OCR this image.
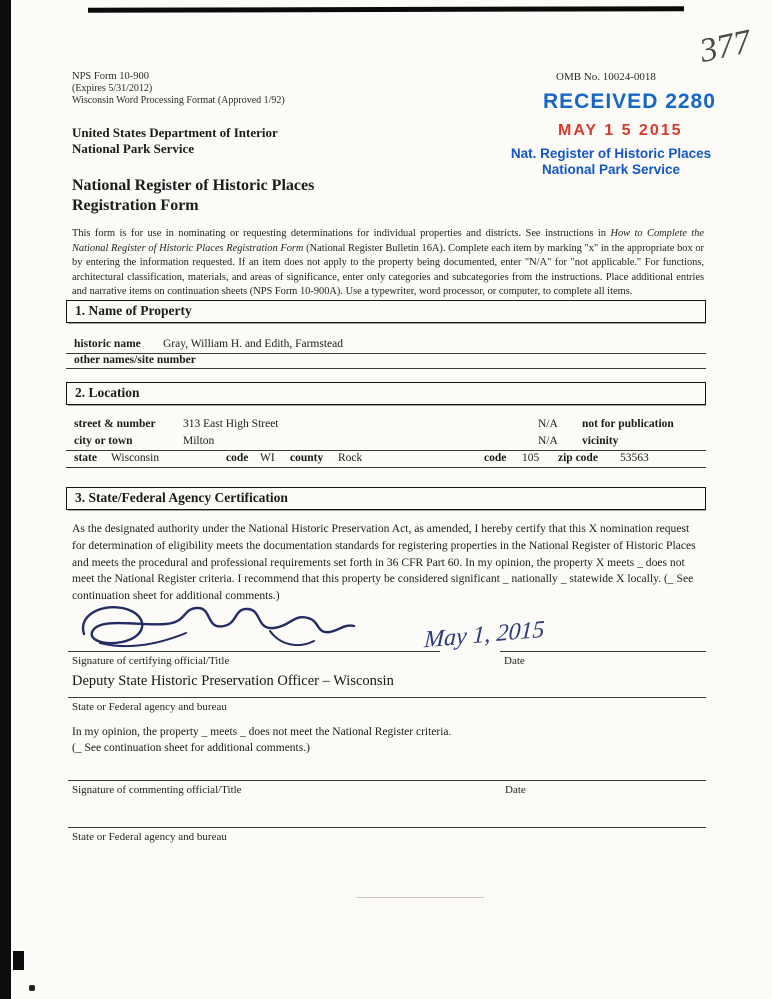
NPS Form 10-900
(Expires 5/31/2012)
Wisconsin Word Processing Format (Approved 1/92)
OMB No. 10024-0018
RECEIVED 2280
MAY 1 5 2015
Nat. Register of Historic Places
National Park Service
377
United States Department of Interior
National Park Service
National Register of Historic Places
Registration Form

This form is for use in nominating or requesting determinations for individual properties and districts. See instructions in How to Complete the National Register of Historic Places Registration Form (National Register Bulletin 16A). Complete each item by marking "x" in the appropriate box or by entering the information requested. If an item does not apply to the property being documented, enter "N/A" for "not applicable." For functions, architectural classification, materials, and areas of significance, enter only categories and subcategories from the instructions. Place additional entries and narrative items on continuation sheets (NPS Form 10-900A). Use a typewriter, word processor, or computer, to complete all items.

1. Name of Property
historic name Gray, William H. and Edith, Farmstead
other names/site number
2. Location
street & number 313 East High Street	N/A not for publication
city or town	Milton	N/A vicinity
state Wisconsin	code WI county Rock	code 105 zip code 53563
3. State/Federal Agency Certification

As the designated authority under the National Historic Preservation Act, as amended, I hereby certify that this X nomination request for determination of eligibility meets the documentation standards for registering properties in the National Register of Historic Places and meets the procedural and professional requirements set forth in 36 CFR Part 60. In my opinion, the property X meets _ does not meet the National Register criteria. I recommend that this property be considered significant _ nationally _ statewide X locally. (_ See continuation sheet for additional comments.)

May 1, 2015
Signature of certifying official/Title	Date
Deputy State Historic Preservation Officer – Wisconsin
State or Federal agency and bureau
In my opinion, the property _ meets _ does not meet the National Register criteria.
(_ See continuation sheet for additional comments.)
Signature of commenting official/Title	Date
State or Federal agency and bureau
